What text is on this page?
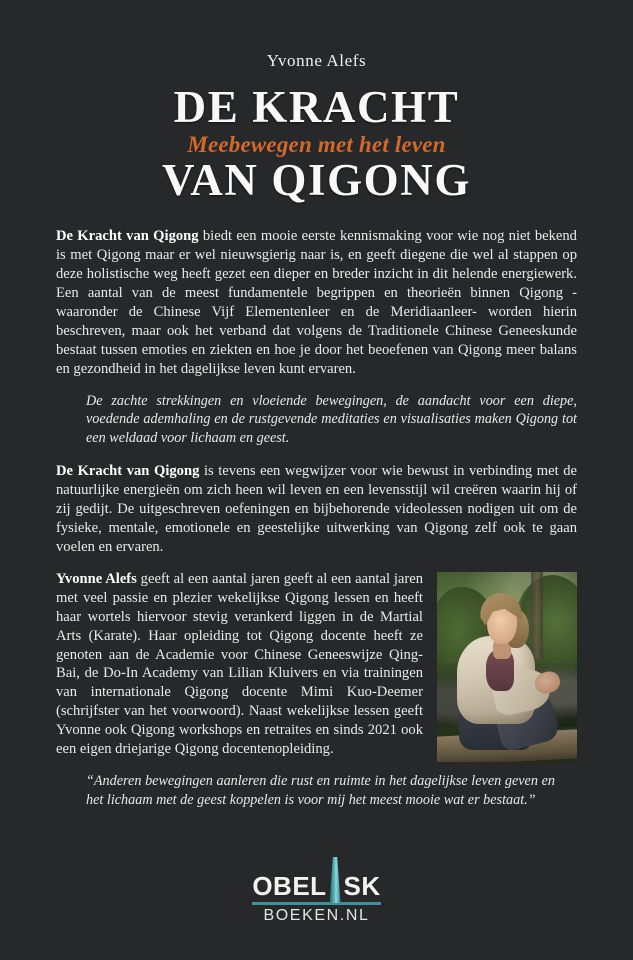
Yvonne Alefs
DE KRACHT
Meebewegen met het leven
VAN QIGONG

De Kracht van Qigong biedt een mooie eerste kennismaking voor wie nog niet bekend is met Qigong maar er wel nieuwsgierig naar is, en geeft diegene die wel al stappen op deze holistische weg heeft gezet een dieper en breder inzicht in dit helende energiewerk. Een aantal van de meest fundamentele begrippen en theorieën binnen Qigong -waaronder de Chinese Vijf Elementenleer en de Meridiaanleer- worden hierin beschreven, maar ook het verband dat volgens de Traditionele Chinese Geneeskunde bestaat tussen emoties en ziekten en hoe je door het beoefenen van Qigong meer balans en gezondheid in het dagelijkse leven kunt ervaren.

De zachte strekkingen en vloeiende bewegingen, de aandacht voor een diepe, voedende ademhaling en de rustgevende meditaties en visualisaties maken Qigong tot een weldaad voor lichaam en geest.

De Kracht van Qigong is tevens een wegwijzer voor wie bewust in verbinding met de natuurlijke energieën om zich heen wil leven en een levensstijl wil creëren waarin hij of zij gedijt. De uitgeschreven oefeningen en bijbehorende videolessen nodigen uit om de fysieke, mentale, emotionele en geestelijke uitwerking van Qigong zelf ook te gaan voelen en ervaren.

Yvonne Alefs geeft al een aantal jaren geeft al een aantal jaren met veel passie en plezier wekelijkse Qigong lessen en heeft haar wortels hiervoor stevig verankerd liggen in de Martial Arts (Karate). Haar opleiding tot Qigong docente heeft ze genoten aan de Academie voor Chinese Geneeswijze Qing-Bai, de Do-In Academy van Lilian Kluivers en via trainingen van internationale Qigong docente Mimi Kuo-Deemer (schrijfster van het voorwoord). Naast wekelijkse lessen geeft Yvonne ook Qigong workshops en retraites en sinds 2021 ook een eigen driejarige Qigong docentenopleiding.

“Anderen bewegingen aanleren die rust en ruimte in het dagelijkse leven geven en het lichaam met de geest koppelen is voor mij het meest mooie wat er bestaat.”

OBEL SK
BOEKEN.NL
